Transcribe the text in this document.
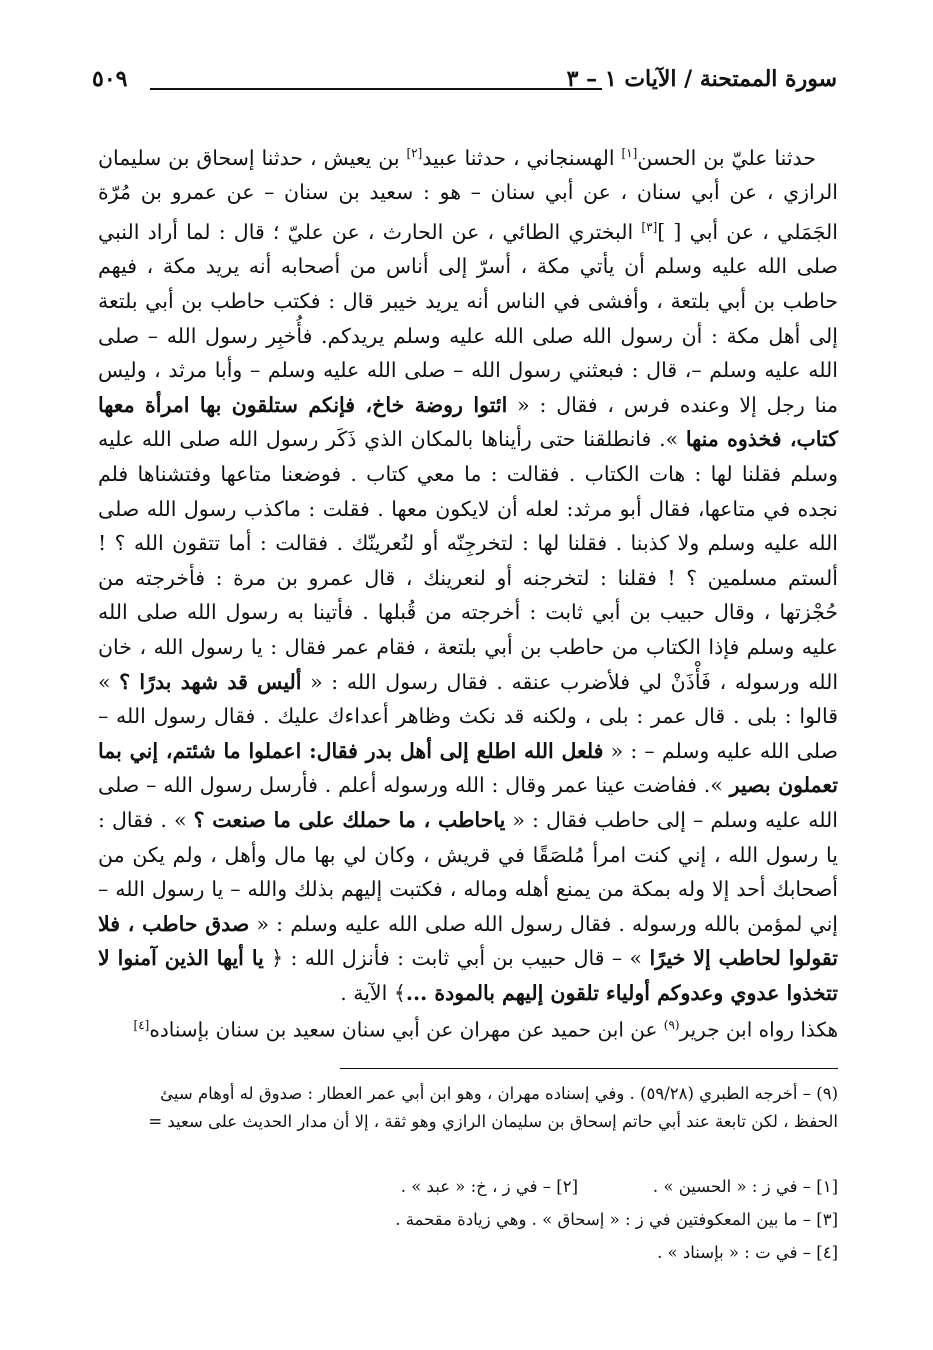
٥٠٩	سورة الممتحنة / الآيات ١ – ٣

حدثنا عليّ بن الحسن[١] الهسنجاني ، حدثنا عبيد[٢] بن يعيش ، حدثنا إسحاق بن سليمان الرازي ، عن أبي سنان ، عن أبي سنان – هو : سعيد بن سنان – عن عمرو بن مُرّة الجَمَلي ، عن أبي [ ][٣] البختري الطائي ، عن الحارث ، عن عليّ ؛ قال : لما أراد النبي صلى الله عليه وسلم أن يأتي مكة ، أسرّ إلى أناس من أصحابه أنه يريد مكة ، فيهم حاطب بن أبي بلتعة ، وأفشى في الناس أنه يريد خيبر قال : فكتب حاطب بن أبي بلتعة إلى أهل مكة : أن رسول الله صلى الله عليه وسلم يريدكم. فأُخبِر رسول الله – صلى الله عليه وسلم –، قال : فبعثني رسول الله – صلى الله عليه وسلم – وأبا مرثد ، وليس منا رجل إلا وعنده فرس ، فقال : « ائتوا روضة خاخ، فإنكم ستلقون بها امرأة معها كتاب، فخذوه منها ». فانطلقنا حتى رأيناها بالمكان الذي ذَكَر رسول الله صلى الله عليه وسلم فقلنا لها : هات الكتاب . فقالت : ما معي كتاب . فوضعنا متاعها وفتشناها فلم نجده في متاعها، فقال أبو مرثد: لعله أن لايكون معها . فقلت : ماكذب رسول الله صلى الله عليه وسلم ولا كذبنا . فقلنا لها : لتخرجِنّه أو لنُعرينّك . فقالت : أما تتقون الله ؟ ! ألستم مسلمين ؟ ! فقلنا : لتخرجنه أو لنعرينك ، قال عمرو بن مرة : فأخرجته من حُجْزتها ، وقال حبيب بن أبي ثابت : أخرجته من قُبلها . فأتينا به رسول الله صلى الله عليه وسلم فإذا الكتاب من حاطب بن أبي بلتعة ، فقام عمر فقال : يا رسول الله ، خان الله ورسوله ، فَأْذَنْ لي فلأضرب عنقه . فقال رسول الله : « أليس قد شهد بدرًا ؟ » قالوا : بلى . قال عمر : بلى ، ولكنه قد نكث وظاهر أعداءك عليك . فقال رسول الله – صلى الله عليه وسلم – : « فلعل الله اطلع إلى أهل بدر فقال: اعملوا ما شئتم، إني بما تعملون بصير ». ففاضت عينا عمر وقال : الله ورسوله أعلم . فأرسل رسول الله – صلى الله عليه وسلم – إلى حاطب فقال : « ياحاطب ، ما حملك على ما صنعت ؟ » . فقال : يا رسول الله ، إني كنت امرأ مُلصَقًا في قريش ، وكان لي بها مال وأهل ، ولم يكن من أصحابك أحد إلا وله بمكة من يمنع أهله وماله ، فكتبت إليهم بذلك والله – يا رسول الله – إني لمؤمن بالله ورسوله . فقال رسول الله صلى الله عليه وسلم : « صدق حاطب ، فلا تقولوا لحاطب إلا خيرًا » – قال حبيب بن أبي ثابت : فأنزل الله : ﴿ يا أيها الذين آمنوا لا تتخذوا عدوي وعدوكم أولياء تلقون إليهم بالمودة ...﴾ الآية .

هكذا رواه ابن جرير$^{(٩)}$ عن ابن حميد عن مهران عن أبي سنان سعيد بن سنان بإسناده[٤]

(٩) – أخرجه الطبري (٥٩/٢٨) . وفي إسناده مهران ، وهو ابن أبي عمر العطار : صدوق له أوهام سيئ

الحفظ ، لكن تابعة عند أبي حاتم إسحاق بن سليمان الرازي وهو ثقة ، إلا أن مدار الحديث على سعيد =

[١] – في ز : « الحسين » .
[٢] – في ز ، خ: « عبد » .
[٣] – ما بين المعكوفتين في ز : « إسحاق » . وهي زيادة مقحمة .
[٤] – في ت : « بإسناد » .
